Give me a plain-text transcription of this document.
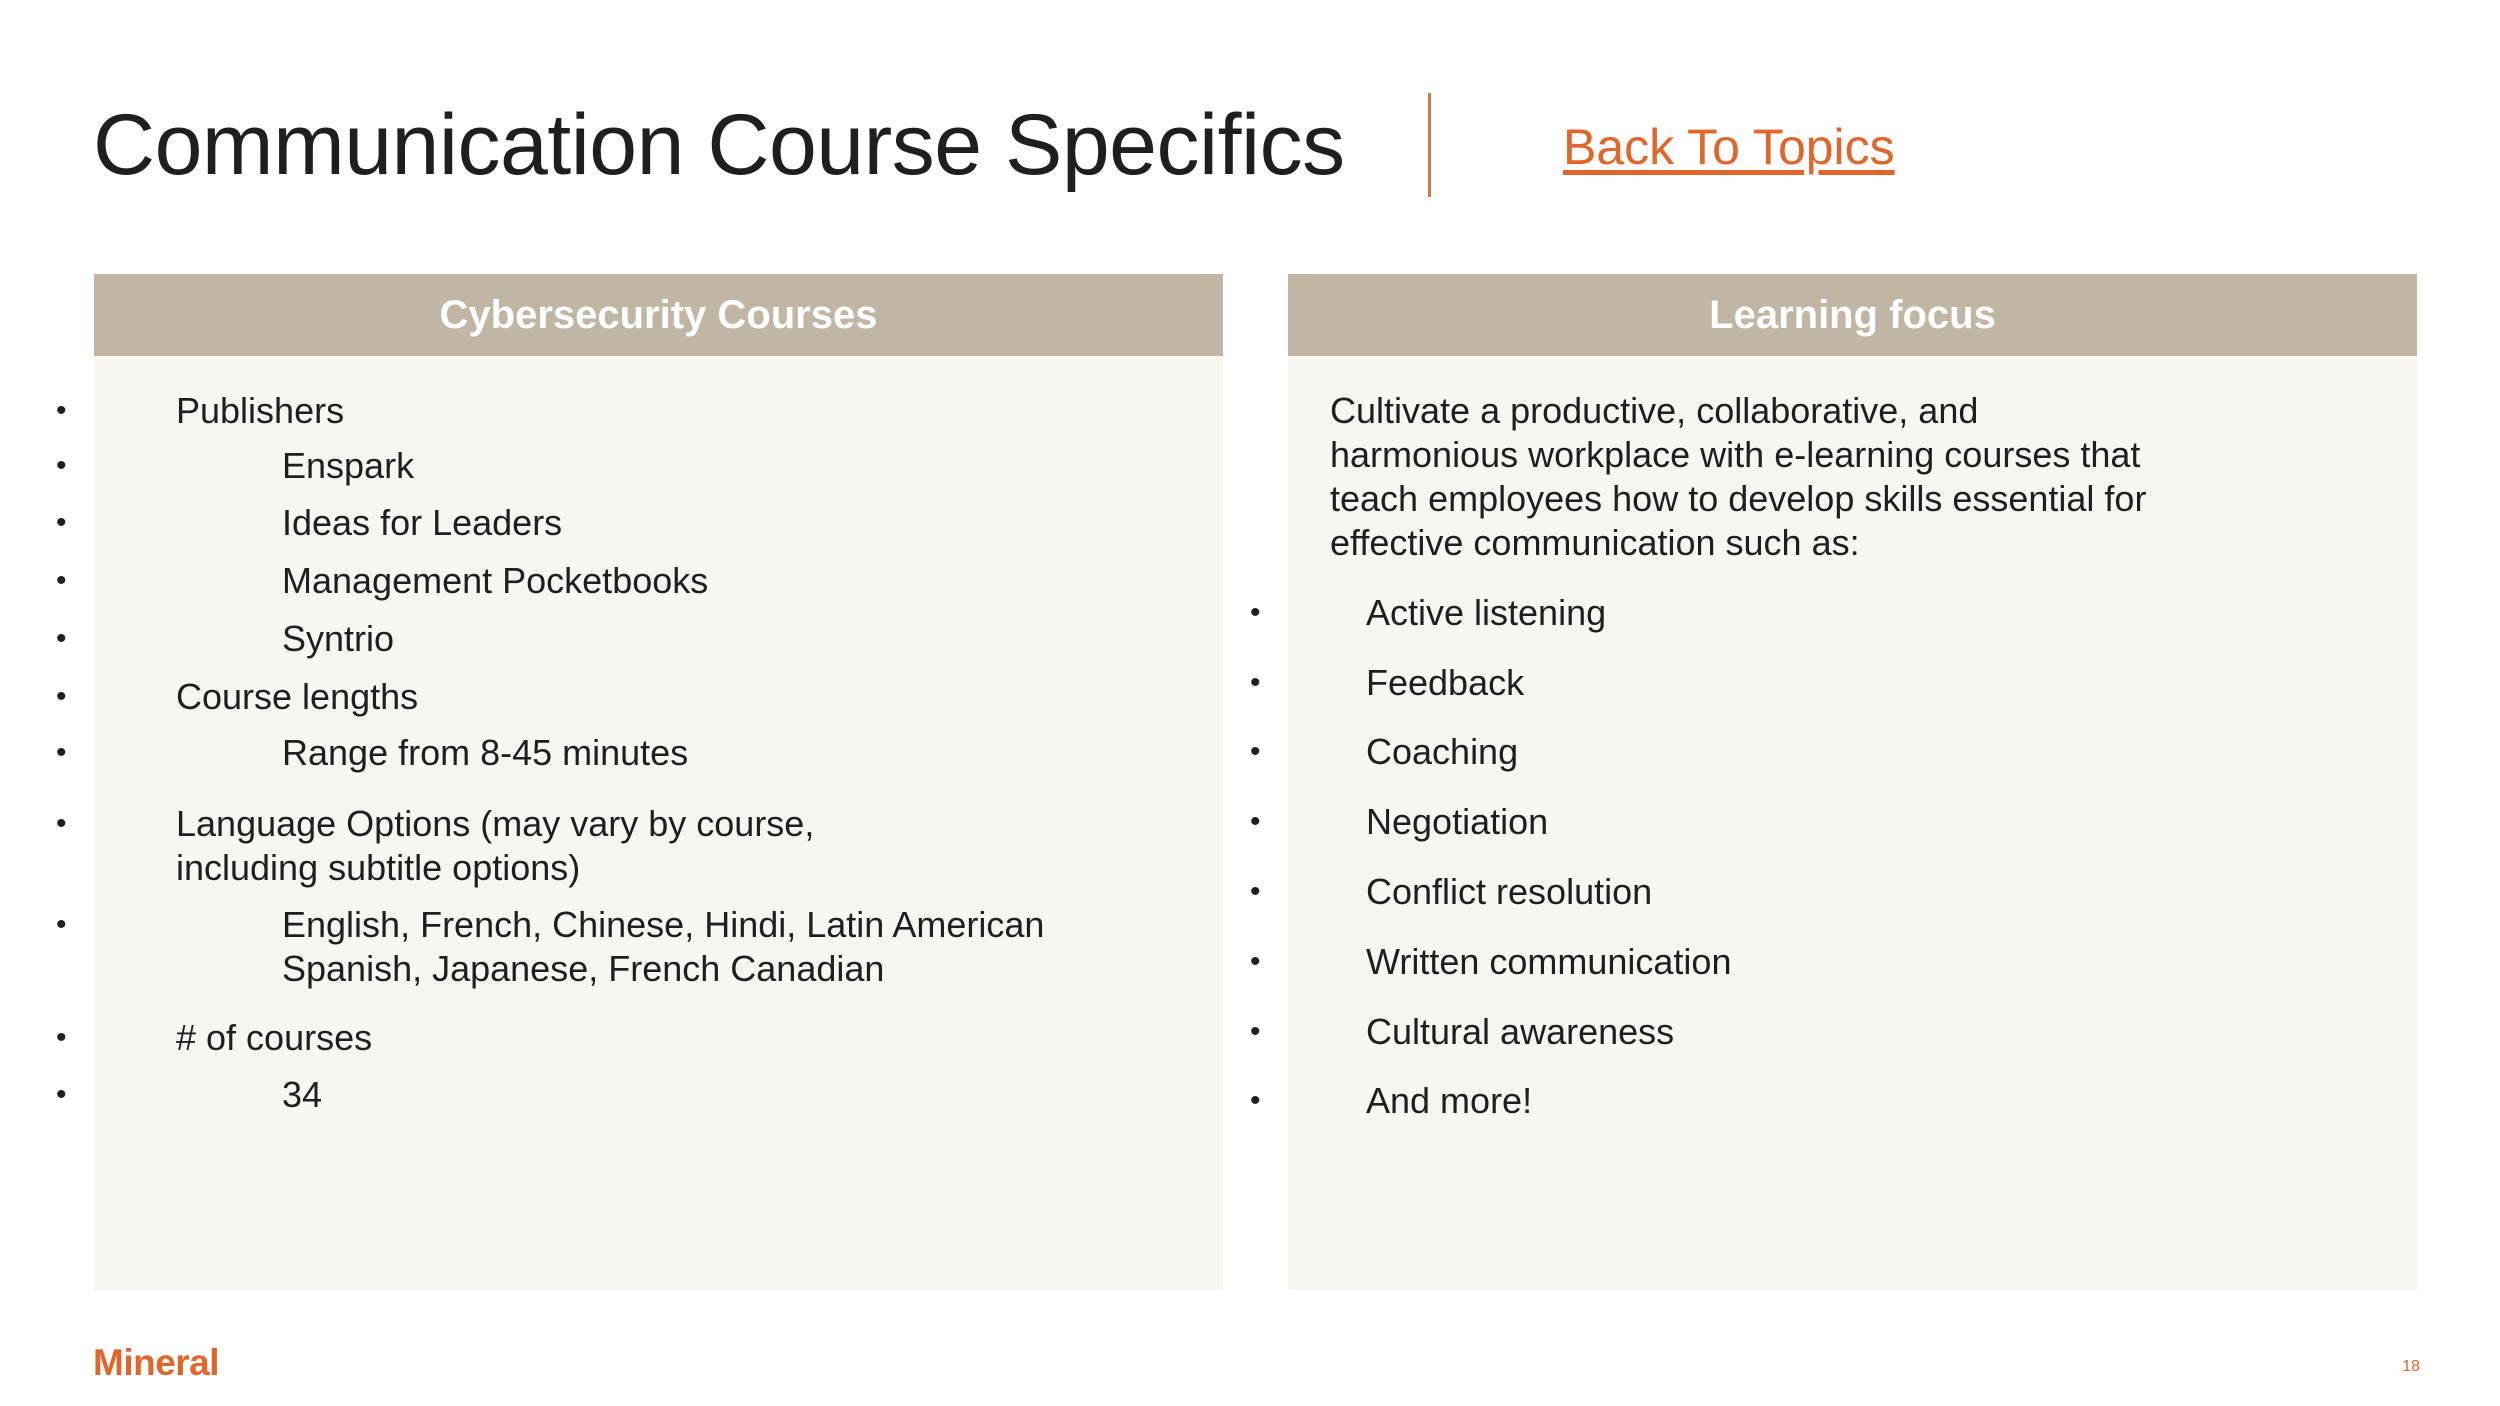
Communication Course Specifics	Back To Topics
Cybersecurity Courses
• Publishers
• Enspark
• Ideas for Leaders
• Management Pocketbooks
• Syntrio
• Course lengths
• Range from 8-45 minutes
• Language Options (may vary by course, including subtitle options)
• English, French, Chinese, Hindi, Latin American Spanish, Japanese, French Canadian
• # of courses
• 34
Learning focus

Cultivate a productive, collaborative, and harmonious workplace with e-learning courses that teach employees how to develop skills essential for effective communication such as:

• Active listening
• Feedback
• Coaching
• Negotiation
• Conflict resolution
• Written communication
• Cultural awareness
• And more!
Mineral	18
